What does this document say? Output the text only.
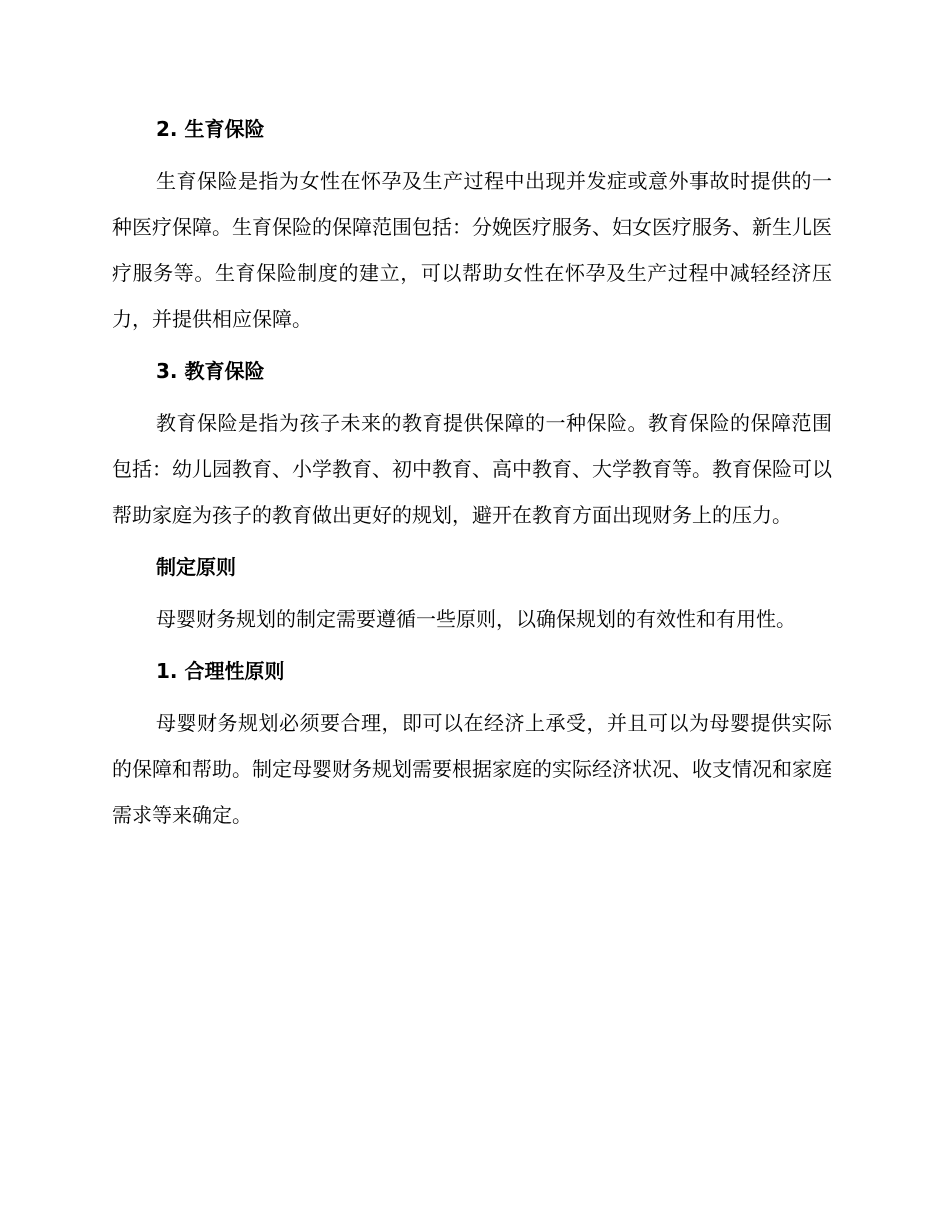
2. 生育保险

生育保险是指为女性在怀孕及生产过程中出现并发症或意外事故时提供的一种医疗保障。生育保险的保障范围包括：分娩医疗服务、妇女医疗服务、新生儿医疗服务等。生育保险制度的建立，可以帮助女性在怀孕及生产过程中减轻经济压力，并提供相应保障。

3. 教育保险

教育保险是指为孩子未来的教育提供保障的一种保险。教育保险的保障范围包括：幼儿园教育、小学教育、初中教育、高中教育、大学教育等。教育保险可以帮助家庭为孩子的教育做出更好的规划，避开在教育方面出现财务上的压力。

制定原则

母婴财务规划的制定需要遵循一些原则，以确保规划的有效性和有用性。

1. 合理性原则

母婴财务规划必须要合理，即可以在经济上承受，并且可以为母婴提供实际的保障和帮助。制定母婴财务规划需要根据家庭的实际经济状况、收支情况和家庭需求等来确定。
